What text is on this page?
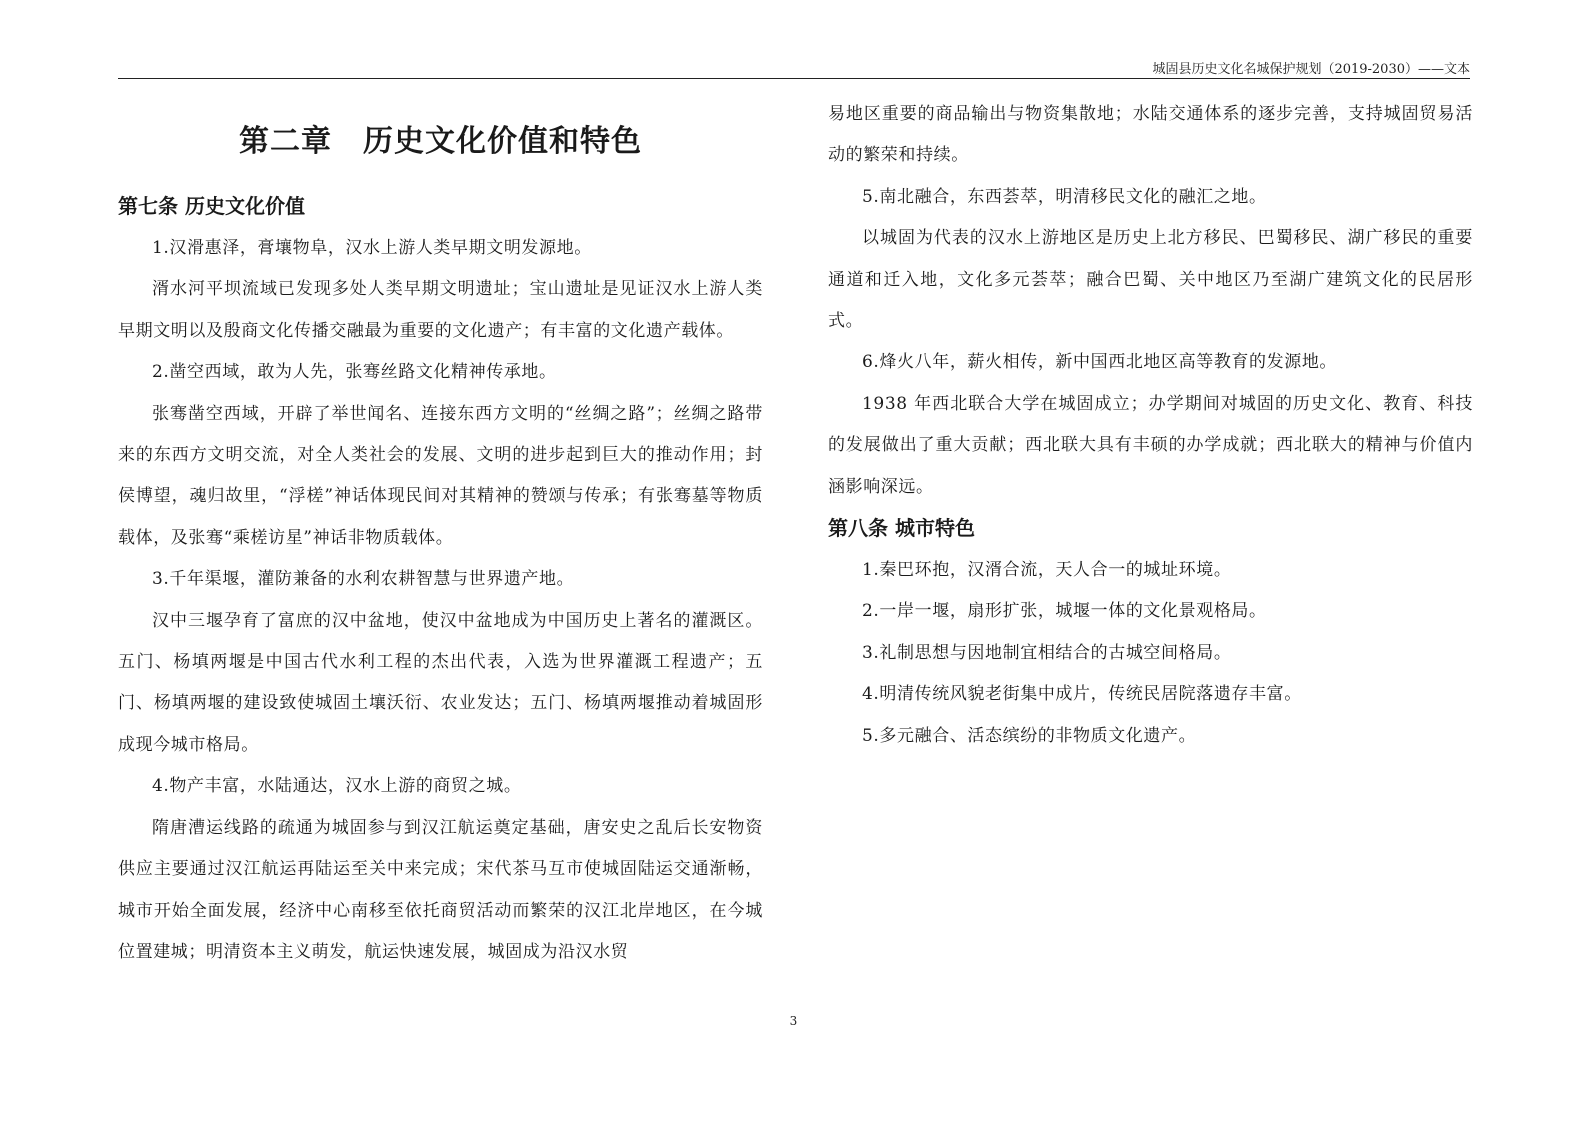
城固县历史文化名城保护规划（2019-2030）——文本
第二章　历史文化价值和特色
第七条 历史文化价值

1.汉滑惠泽，膏壤物阜，汉水上游人类早期文明发源地。

湑水河平坝流域已发现多处人类早期文明遗址；宝山遗址是见证汉水上游人类早期文明以及殷商文化传播交融最为重要的文化遗产；有丰富的文化遗产载体。

2.凿空西域，敢为人先，张骞丝路文化精神传承地。

张骞凿空西域，开辟了举世闻名、连接东西方文明的“丝绸之路”；丝绸之路带来的东西方文明交流，对全人类社会的发展、文明的进步起到巨大的推动作用；封侯博望，魂归故里，“浮槎”神话体现民间对其精神的赞颂与传承；有张骞墓等物质载体，及张骞“乘槎访星”神话非物质载体。

3.千年渠堰，灌防兼备的水利农耕智慧与世界遗产地。

汉中三堰孕育了富庶的汉中盆地，使汉中盆地成为中国历史上著名的灌溉区。五门、杨填两堰是中国古代水利工程的杰出代表，入选为世界灌溉工程遗产；五门、杨填两堰的建设致使城固土壤沃衍、农业发达；五门、杨填两堰推动着城固形成现今城市格局。

4.物产丰富，水陆通达，汉水上游的商贸之城。

隋唐漕运线路的疏通为城固参与到汉江航运奠定基础，唐安史之乱后长安物资供应主要通过汉江航运再陆运至关中来完成；宋代茶马互市使城固陆运交通渐畅，城市开始全面发展，经济中心南移至依托商贸活动而繁荣的汉江北岸地区，在今城位置建城；明清资本主义萌发，航运快速发展，城固成为沿汉水贸

易地区重要的商品输出与物资集散地；水陆交通体系的逐步完善，支持城固贸易活动的繁荣和持续。

5.南北融合，东西荟萃，明清移民文化的融汇之地。

以城固为代表的汉水上游地区是历史上北方移民、巴蜀移民、湖广移民的重要通道和迁入地，文化多元荟萃；融合巴蜀、关中地区乃至湖广建筑文化的民居形式。

6.烽火八年，薪火相传，新中国西北地区高等教育的发源地。

1938 年西北联合大学在城固成立；办学期间对城固的历史文化、教育、科技的发展做出了重大贡献；西北联大具有丰硕的办学成就；西北联大的精神与价值内涵影响深远。

第八条 城市特色

1.秦巴环抱，汉湑合流，天人合一的城址环境。

2.一岸一堰，扇形扩张，城堰一体的文化景观格局。

3.礼制思想与因地制宜相结合的古城空间格局。

4.明清传统风貌老街集中成片，传统民居院落遗存丰富。

5.多元融合、活态缤纷的非物质文化遗产。

3
